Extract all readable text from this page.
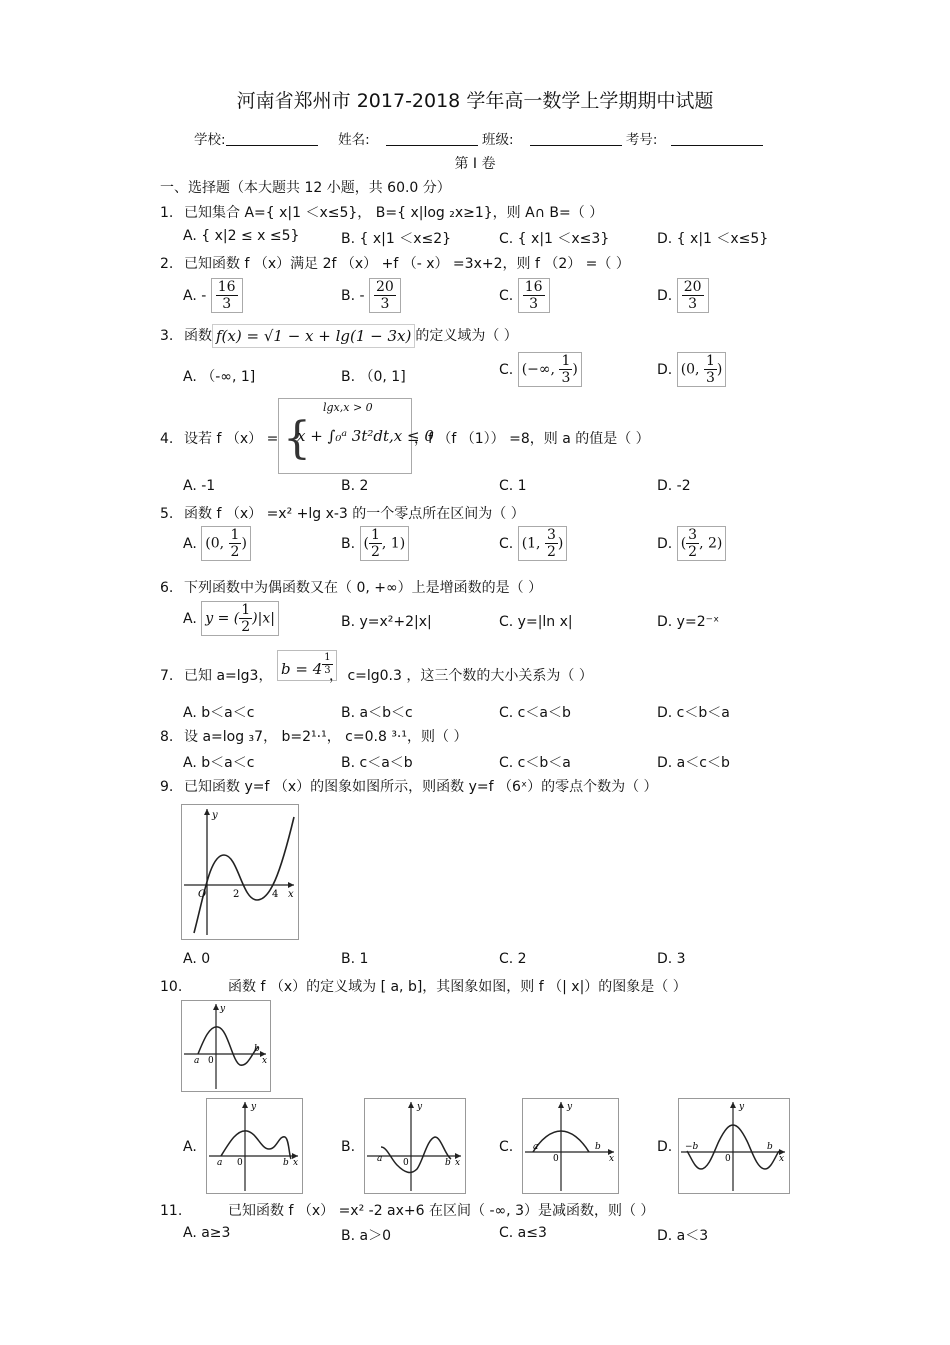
河南省郑州市 2017-2018 学年高一数学上学期期中试题
学校:	姓名:	班级:	考号:
第 Ⅰ 卷
一、选择题（本大题共 12 小题，共 60.0 分）
1. 已知集合 A={ x|1 ＜x≤5}， B={ x|log ₂x≥1}，则 A∩ B=（ ）
A. { x|2 ≤ x ≤5}	B. { x|1 ＜x≤2}	C. { x|1 ＜x≤3}	D. { x|1 ＜x≤5}
2. 已知函数 f （x）满足 2f （x） +f （- x） =3x+2，则 f （2） =（ ）
A. - $\frac{16}{3}$	B. - $\frac{20}{3}$	C. $\frac{16}{3}$	D. $\frac{20}{3}$
3. 函数 f(x) = √1 − x + lg(1 − 3x) 的定义域为（ ）
A. （-∞, 1]	B. （0, 1]	C. (−∞, $\frac{1}{3}$ )	D. (0, $\frac{1}{3}$ )
4. 设若 f （x） = {
lgx,x > 0
x + ∫₀ᵃ 3t²dt,x ≤ 0
，f （f （1）） =8，则 a 的值是（ ）
A. -1	B. 2	C. 1	D. -2
5. 函数 f （x） =x² +lg x-3 的一个零点所在区间为（ ）
A. (0, $\frac{1}{2}$ )	B. ( $\frac{1}{2}$ , 1)	C. (1, $\frac{3}{2}$ )	D. ( $\frac{3}{2}$ , 2)
6. 下列函数中为偶函数又在（ 0, +∞）上是增函数的是（ ）
A. y = ( $\frac{1}{2} )|x|$	B. y=x²+2|x|	C. y=|ln x|	D. y=2⁻ˣ
7. 已知 a=lg3， $b = 4 \frac{1}{3}$
， c=lg0.3 ，这三个数的大小关系为（ ）
A. b＜a＜c	B. a＜b＜c	C. c＜a＜b	D. c＜b＜a
8. 设 a=log ₃7， b=2¹·¹， c=0.8 ³·¹，则（ ）
A. b＜a＜c	B. c＜a＜b	C. c＜b＜a	D. a＜c＜b
9. 已知函数 y=f （x）的图象如图所示，则函数 y=f （6ˣ）的零点个数为（ ）
y
O	2	4 x
A. 0	B. 1	C. 2	D. 3
10.	函数 f （x）的定义域为 [ a, b]，其图象如图，则 f （| x|）的图象是（ ）
y
a 0
b
x
A.
y
a 0	b x
B.
y
a 0	b x
C.
y
a
0
b
x
D.
y
−b
0
b
x
11.	已知函数 f （x） =x² -2 ax+6 在区间（ -∞, 3）是减函数，则（ ）
A. a≥3	B. a＞0	C. a≤3	D. a＜3
